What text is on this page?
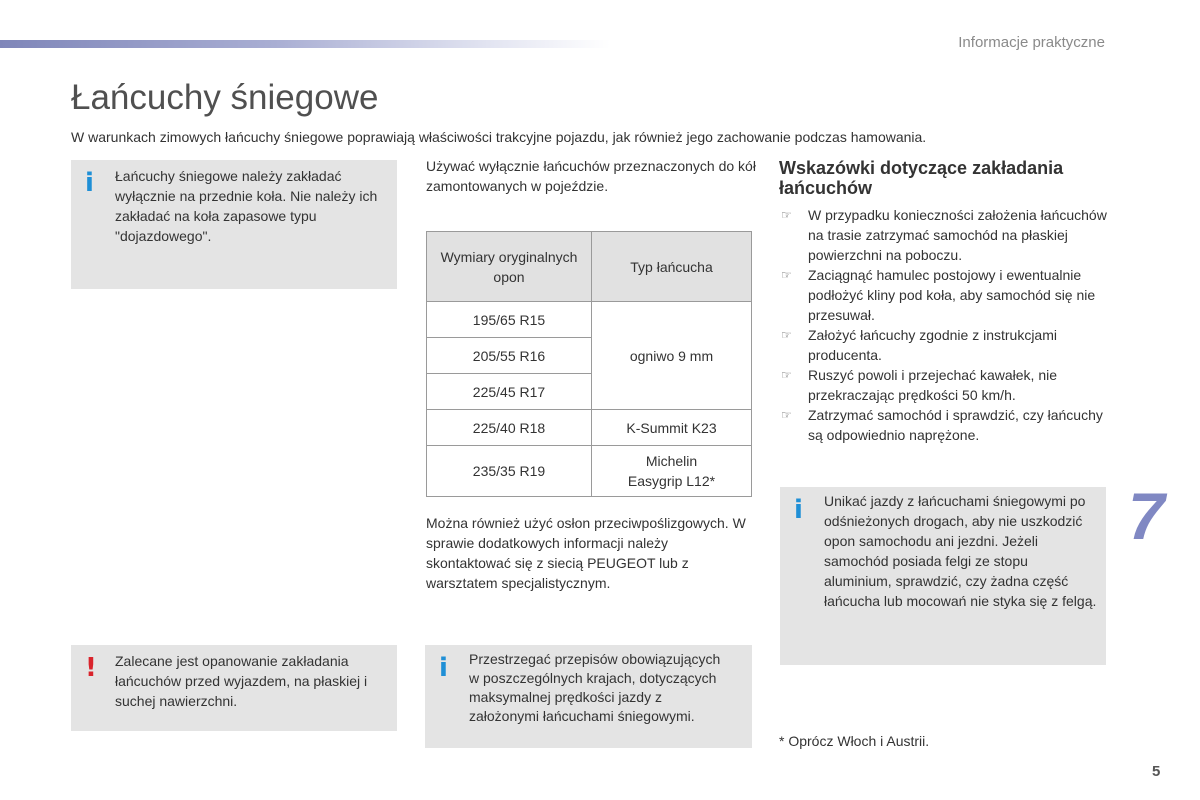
Informacje praktyczne
Łańcuchy śniegowe
W warunkach zimowych łańcuchy śniegowe poprawiają właściwości trakcyjne pojazdu, jak również jego zachowanie podczas hamowania.
i Łańcuchy śniegowe należy zakładać wyłącznie na przednie koła. Nie należy ich zakładać na koła zapasowe typu "dojazdowego".
! Zalecane jest opanowanie zakładania łańcuchów przed wyjazdem, na płaskiej i suchej nawierzchni.
Używać wyłącznie łańcuchów przeznaczonych do kół zamontowanych w pojeździe.
Wymiary oryginalnych opon	Typ łańcucha
195/65 R15	ogniwo 9 mm
205/55 R16	
225/45 R17	
225/40 R18	K-Summit K23
235/35 R19	Michelin Easygrip L12*
Można również użyć osłon przeciwpoślizgowych. W sprawie dodatkowych informacji należy skontaktować się z siecią PEUGEOT lub z warsztatem specjalistycznym.
i Przestrzegać przepisów obowiązujących w poszczególnych krajach, dotyczących maksymalnej prędkości jazdy z założonymi łańcuchami śniegowymi.
Wskazówki dotyczące zakładania łańcuchów
☞ W przypadku konieczności założenia łańcuchów na trasie zatrzymać samochód na płaskiej powierzchni na poboczu.
☞ Zaciągnąć hamulec postojowy i ewentualnie podłożyć kliny pod koła, aby samochód się nie przesuwał.
☞ Założyć łańcuchy zgodnie z instrukcjami producenta.
☞ Ruszyć powoli i przejechać kawałek, nie przekraczając prędkości 50 km/h.
☞ Zatrzymać samochód i sprawdzić, czy łańcuchy są odpowiednio naprężone.
i Unikać jazdy z łańcuchami śniegowymi po odśnieżonych drogach, aby nie uszkodzić opon samochodu ani jezdni. Jeżeli samochód posiada felgi ze stopu aluminium, sprawdzić, czy żadna część łańcucha lub mocowań nie styka się z felgą.
7
* Oprócz Włoch i Austrii.
5
